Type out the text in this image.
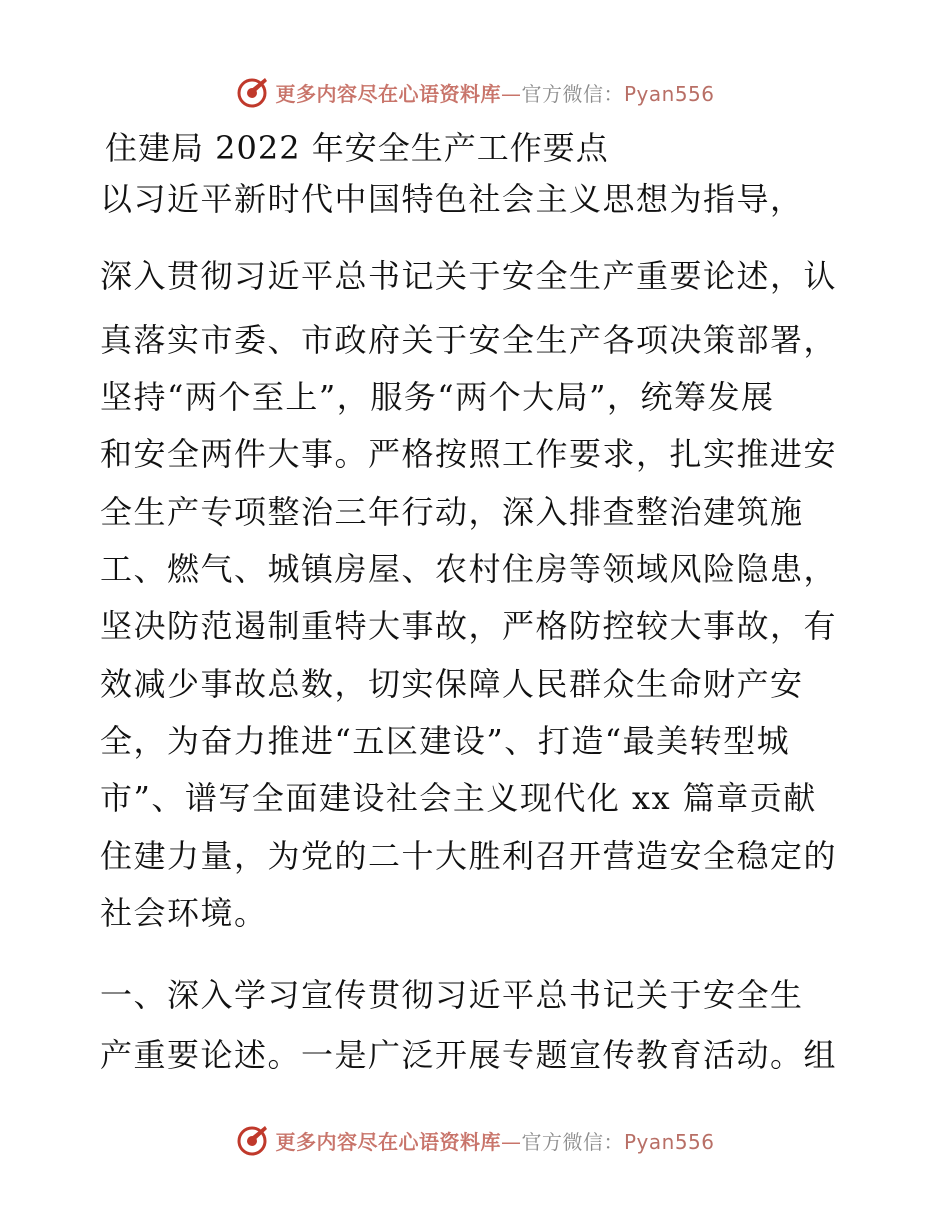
更多内容尽在心语资料库—官方微信：Pyan556
住建局 2022 年安全生产工作要点
以习近平新时代中国特色社会主义思想为指导，
深入贯彻习近平总书记关于安全生产重要论述，认
真落实市委、市政府关于安全生产各项决策部署，
坚持“两个至上”，服务“两个大局”，统筹发展
和安全两件大事。严格按照工作要求，扎实推进安
全生产专项整治三年行动，深入排查整治建筑施
工、燃气、城镇房屋、农村住房等领域风险隐患，
坚决防范遏制重特大事故，严格防控较大事故，有
效减少事故总数，切实保障人民群众生命财产安
全，为奋力推进“五区建设”、打造“最美转型城
市”、谱写全面建设社会主义现代化 xx 篇章贡献
住建力量，为党的二十大胜利召开营造安全稳定的
社会环境。
一、深入学习宣传贯彻习近平总书记关于安全生
产重要论述。一是广泛开展专题宣传教育活动。组
更多内容尽在心语资料库—官方微信：Pyan556
